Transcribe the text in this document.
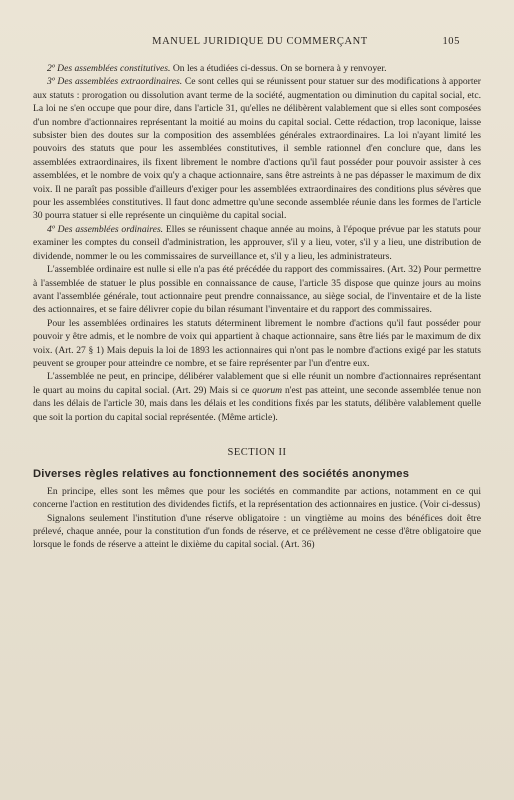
MANUEL JURIDIQUE DU COMMERÇANT	105

2º Des assemblées constitutives. On les a étudiées ci-dessus. On se bornera à y renvoyer.

3º Des assemblées extraordinaires. Ce sont celles qui se réunissent pour statuer sur des modifications à apporter aux statuts : prorogation ou dissolution avant terme de la société, augmentation ou diminution du capital social, etc. La loi ne s'en occupe que pour dire, dans l'article 31, qu'elles ne délibèrent valablement que si elles sont composées d'un nombre d'actionnaires représentant la moitié au moins du capital social. Cette rédaction, trop laconique, laisse subsister bien des doutes sur la composition des assemblées générales extraordinaires. La loi n'ayant limité les pouvoirs des statuts que pour les assemblées constitutives, il semble rationnel d'en conclure que, dans les assemblées extraordinaires, ils fixent librement le nombre d'actions qu'il faut posséder pour pouvoir assister à ces assemblées, et le nombre de voix qu'y a chaque actionnaire, sans être astreints à ne pas dépasser le maximum de dix voix. Il ne paraît pas possible d'ailleurs d'exiger pour les assemblées extraordinaires des conditions plus sévères que pour les assemblées constitutives. Il faut donc admettre qu'une seconde assemblée réunie dans les formes de l'article 30 pourra statuer si elle représente un cinquième du capital social.

4º Des assemblées ordinaires. Elles se réunissent chaque année au moins, à l'époque prévue par les statuts pour examiner les comptes du conseil d'administration, les approuver, s'il y a lieu, voter, s'il y a lieu, une distribution de dividende, nommer le ou les commissaires de surveillance et, s'il y a lieu, les administrateurs.

L'assemblée ordinaire est nulle si elle n'a pas été précédée du rapport des commissaires. (Art. 32) Pour permettre à l'assemblée de statuer le plus possible en connaissance de cause, l'article 35 dispose que quinze jours au moins avant l'assemblée générale, tout actionnaire peut prendre connaissance, au siège social, de l'inventaire et de la liste des actionnaires, et se faire délivrer copie du bilan résumant l'inventaire et du rapport des commissaires.

Pour les assemblées ordinaires les statuts déterminent librement le nombre d'actions qu'il faut posséder pour pouvoir y être admis, et le nombre de voix qui appartient à chaque actionnaire, sans être liés par le maximum de dix voix. (Art. 27 § 1) Mais depuis la loi de 1893 les actionnaires qui n'ont pas le nombre d'actions exigé par les statuts peuvent se grouper pour atteindre ce nombre, et se faire représenter par l'un d'entre eux.

L'assemblée ne peut, en principe, délibérer valablement que si elle réunit un nombre d'actionnaires représentant le quart au moins du capital social. (Art. 29) Mais si ce quorum n'est pas atteint, une seconde assemblée tenue non dans les délais de l'article 30, mais dans les délais et les conditions fixés par les statuts, délibère valablement quelle que soit la portion du capital social représentée. (Même article).

SECTION II
Diverses règles relatives au fonctionnement des sociétés anonymes

En principe, elles sont les mêmes que pour les sociétés en commandite par actions, notamment en ce qui concerne l'action en restitution des dividendes fictifs, et la représentation des actionnaires en justice. (Voir ci-dessus)

Signalons seulement l'institution d'une réserve obligatoire : un vingtième au moins des bénéfices doit être prélevé, chaque année, pour la constitution d'un fonds de réserve, et ce prélèvement ne cesse d'être obligatoire que lorsque le fonds de réserve a atteint le dixième du capital social. (Art. 36)
